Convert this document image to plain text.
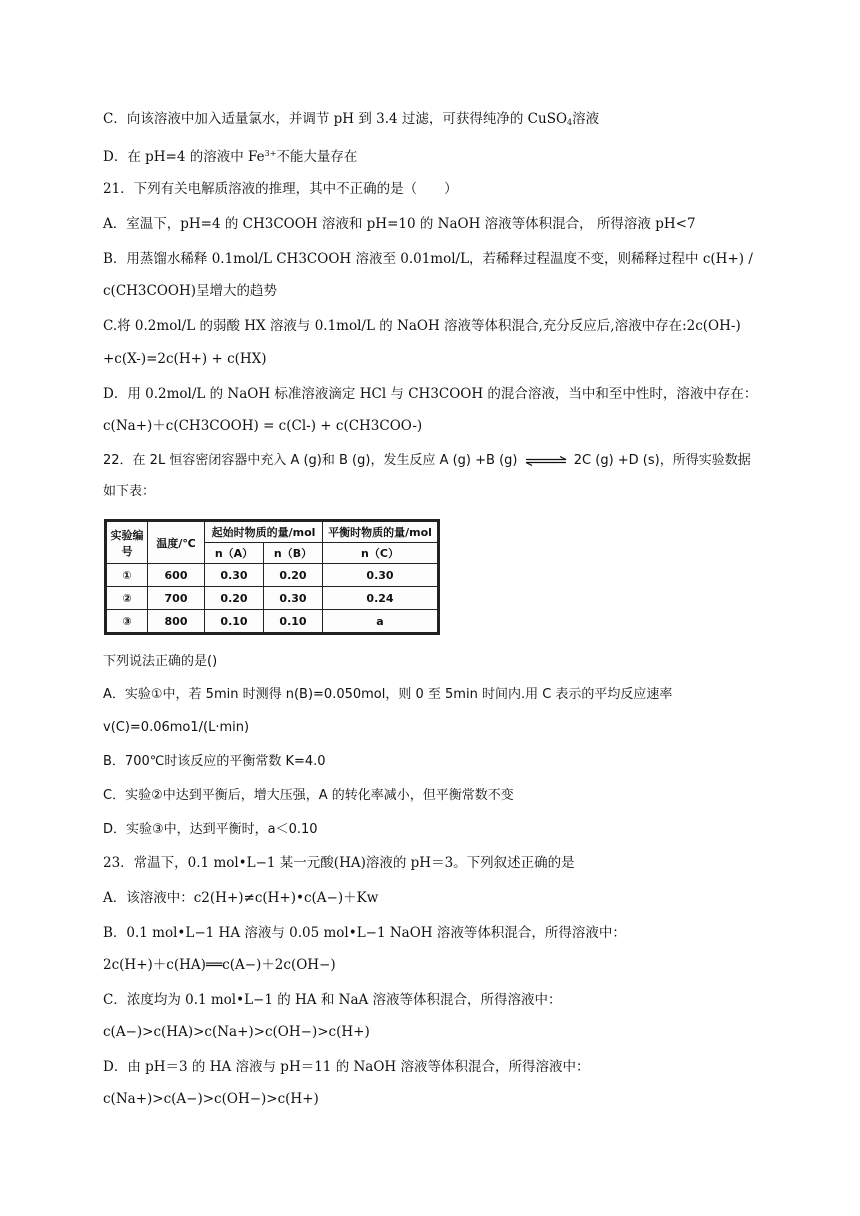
C．向该溶液中加入适量氯水，并调节 pH 到 3.4 过滤，可获得纯净的 CuSO$_4$溶液
D．在 pH=4 的溶液中 $Fe^{3+}$不能大量存在
21．下列有关电解质溶液的推理，其中不正确的是（　　）
A．室温下，pH=4 的 CH3COOH 溶液和 pH=10 的 NaOH 溶液等体积混合， 所得溶液 pH<7
B．用蒸馏水稀释 0.1mol/L CH3COOH 溶液至 0.01mol/L，若稀释过程温度不变，则稀释过程中 c(H+) /
c(CH3COOH)呈增大的趋势
C.将 0.2mol/L 的弱酸 HX 溶液与 0.1mol/L 的 NaOH 溶液等体积混合,充分反应后,溶液中存在:2c(OH-)
+c(X-)=2c(H+) + c(HX)
D．用 0.2mol/L 的 NaOH 标准溶液滴定 HCl 与 CH3COOH 的混合溶液，当中和至中性时，溶液中存在：
c(Na+)＋c(CH3COOH) = c(Cl-) + c(CH3COO-)
22．在 2L 恒容密闭容器中充入 A (g)和 B (g)，发生反应 A (g) +B (g) ⇌ 2C (g) +D (s)，所得实验数据
如下表：
实验编号	温度/℃	起始时物质的量/mol		平衡时物质的量/mol
		n（A）	n（B）	n（C）
①	600	0.30	0.20	0.30
②	700	0.20	0.30	0.24
③	800	0.10	0.10	a
下列说法正确的是()
A．实验①中，若 5min 时测得 n(B)=0.050mol，则 0 至 5min 时间内.用 C 表示的平均反应速率
v(C)=0.06mo1/(L·min)
B．700℃时该反应的平衡常数 K=4.0
C．实验②中达到平衡后，增大压强，A 的转化率减小，但平衡常数不变
D．实验③中，达到平衡时，a＜0.10
23．常温下，0.1 mol•L−1 某一元酸(HA)溶液的 pH＝3。下列叙述正确的是
A．该溶液中：c2(H+)≠c(H+)•c(A−)＋Kw
B．0.1 mol•L−1 HA 溶液与 0.05 mol•L−1 NaOH 溶液等体积混合，所得溶液中：
2c(H+)＋c(HA)══c(A−)＋2c(OH−)
C．浓度均为 0.1 mol•L−1 的 HA 和 NaA 溶液等体积混合，所得溶液中：
c(A−)>c(HA)>c(Na+)>c(OH−)>c(H+)
D．由 pH＝3 的 HA 溶液与 pH＝11 的 NaOH 溶液等体积混合，所得溶液中：
c(Na+)>c(A−)>c(OH−)>c(H+)
